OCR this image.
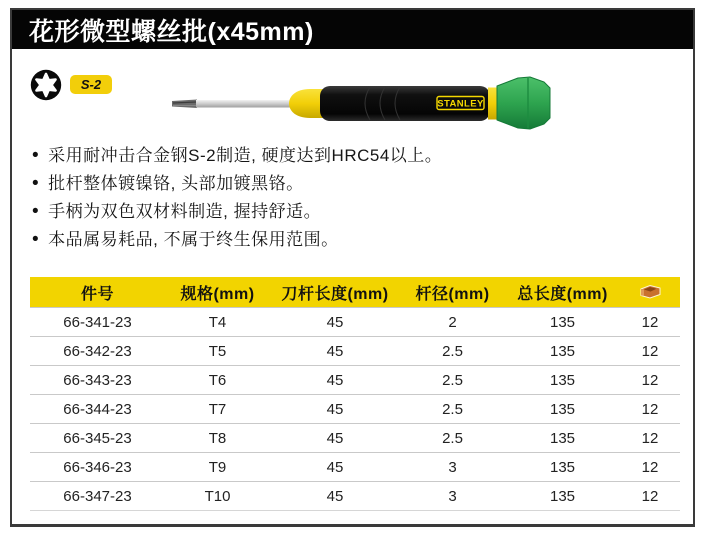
花形微型螺丝批(x45mm)
S-2
STANLEY
• 采用耐冲击合金钢S-2制造, 硬度达到HRC54以上。
• 批杆整体镀镍铬, 头部加镀黑铬。
• 手柄为双色双材料制造, 握持舒适。
• 本品属易耗品, 不属于终生保用范围。
件号	规格(mm)	刀杆长度(mm)	杆径(mm)	总长度(mm)	
66-341-23	T4	45	2	135	12
66-342-23	T5	45	2.5	135	12
66-343-23	T6	45	2.5	135	12
66-344-23	T7	45	2.5	135	12
66-345-23	T8	45	2.5	135	12
66-346-23	T9	45	3	135	12
66-347-23	T10	45	3	135	12
